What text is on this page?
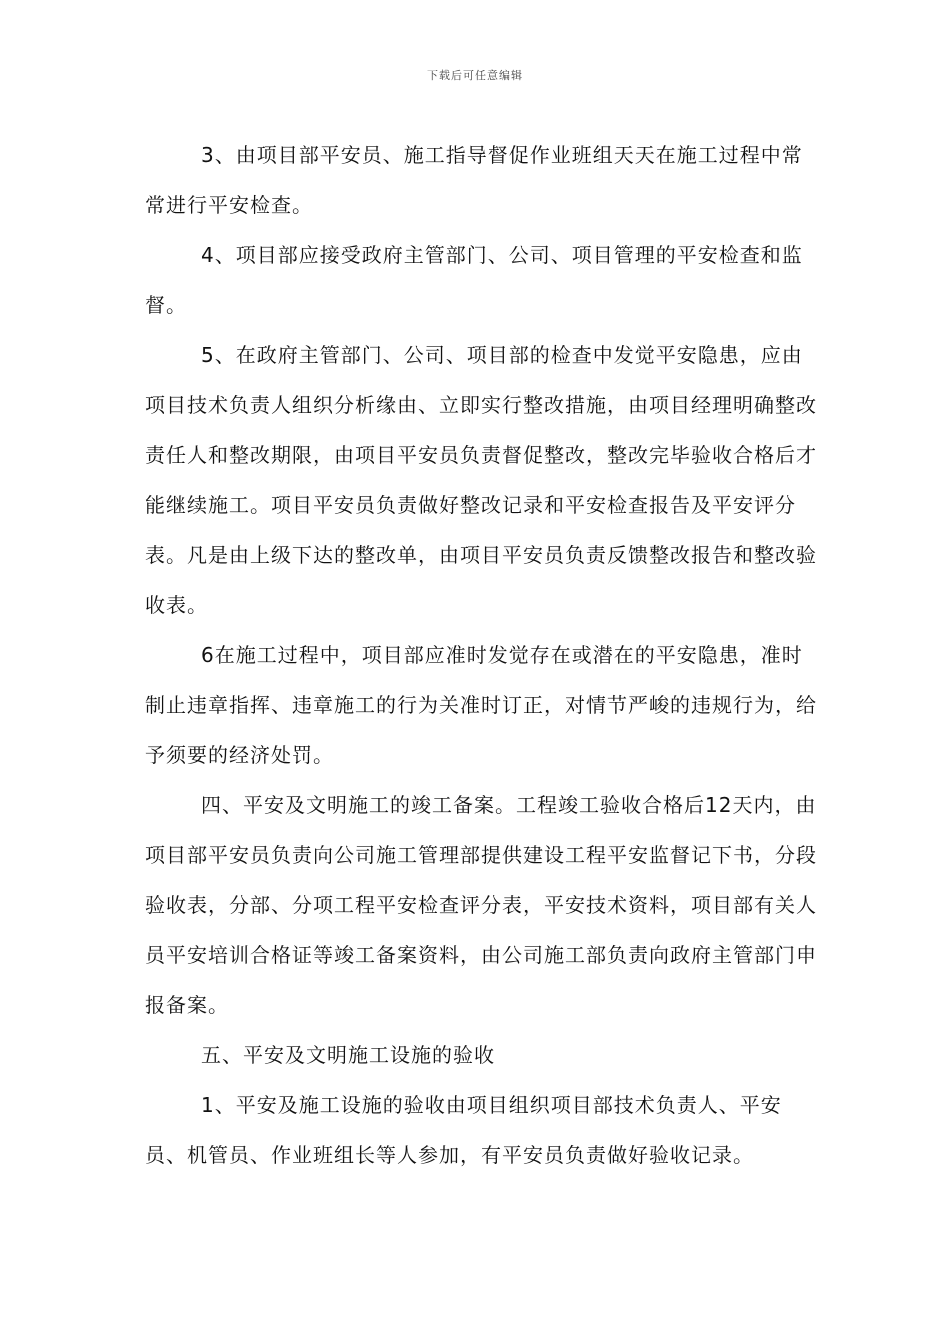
下载后可任意编辑

3、由项目部平安员、施工指导督促作业班组天天在施工过程中常常进行平安检查。

4、项目部应接受政府主管部门、公司、项目管理的平安检查和监督。

5、在政府主管部门、公司、项目部的检查中发觉平安隐患，应由项目技术负责人组织分析缘由、立即实行整改措施，由项目经理明确整改责任人和整改期限，由项目平安员负责督促整改，整改完毕验收合格后才能继续施工。项目平安员负责做好整改记录和平安检查报告及平安评分表。凡是由上级下达的整改单，由项目平安员负责反馈整改报告和整改验收表。

6在施工过程中，项目部应准时发觉存在或潜在的平安隐患，准时制止违章指挥、违章施工的行为关准时订正，对情节严峻的违规行为，给予须要的经济处罚。

四、平安及文明施工的竣工备案。工程竣工验收合格后12天内，由项目部平安员负责向公司施工管理部提供建设工程平安监督记下书，分段验收表，分部、分项工程平安检查评分表，平安技术资料，项目部有关人员平安培训合格证等竣工备案资料，由公司施工部负责向政府主管部门申报备案。

五、平安及文明施工设施的验收

1、平安及施工设施的验收由项目组织项目部技术负责人、平安员、机管员、作业班组长等人参加，有平安员负责做好验收记录。
